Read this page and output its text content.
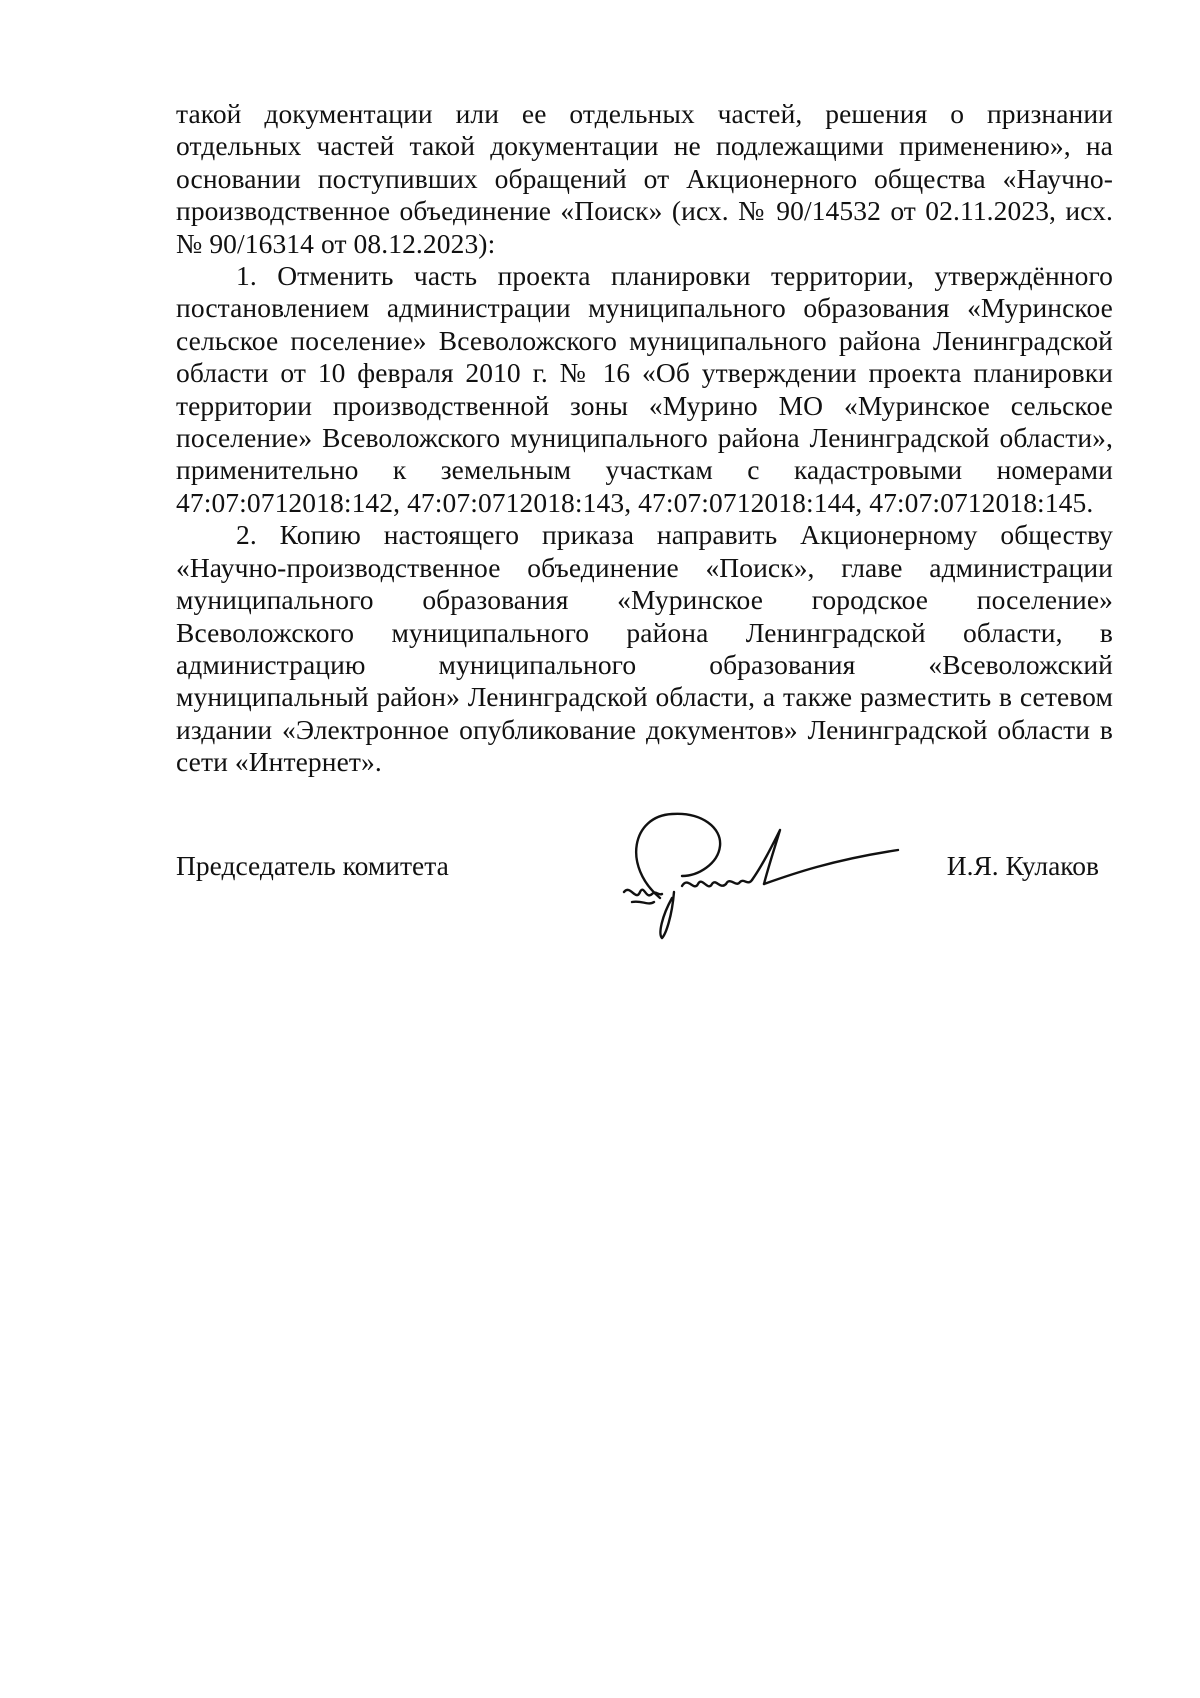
такой документации или ее отдельных частей, решения о признании отдельных частей такой документации не подлежащими применению», на основании поступивших обращений от Акционерного общества «Научно-производственное объединение «Поиск» (исх. № 90/14532 от 02.11.2023, исх. № 90/16314 от 08.12.2023):

1. Отменить часть проекта планировки территории, утверждённого постановлением администрации муниципального образования «Муринское сельское поселение» Всеволожского муниципального района Ленинградской области от 10 февраля 2010 г. № 16 «Об утверждении проекта планировки территории производственной зоны «Мурино МО «Муринское сельское поселение» Всеволожского муниципального района Ленинградской области», применительно к земельным участкам с кадастровыми номерами 47:07:0712018:142, 47:07:0712018:143, 47:07:0712018:144, 47:07:0712018:145.

2. Копию настоящего приказа направить Акционерному обществу «Научно-производственное объединение «Поиск», главе администрации муниципального образования «Муринское городское поселение» Всеволожского муниципального района Ленинградской области, в администрацию муниципального образования «Всеволожский муниципальный район» Ленинградской области, а также разместить в сетевом издании «Электронное опубликование документов» Ленинградской области в сети «Интернет».

Председатель комитета	И.Я. Кулаков
